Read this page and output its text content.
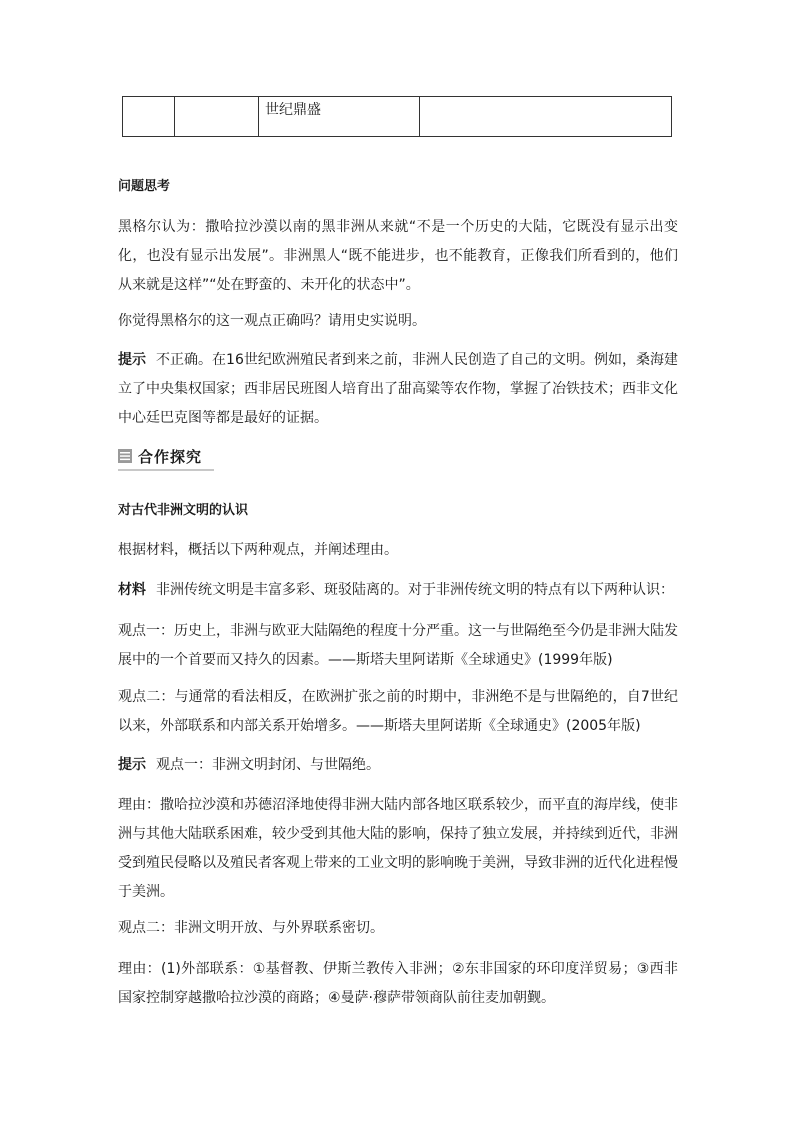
		世纪鼎盛	

问题思考

黑格尔认为：撒哈拉沙漠以南的黑非洲从来就“不是一个历史的大陆，它既没有显示出变化，也没有显示出发展”。非洲黑人“既不能进步，也不能教育，正像我们所看到的，他们从来就是这样”“处在野蛮的、未开化的状态中”。

你觉得黑格尔的这一观点正确吗？请用史实说明。

提示 不正确。在16世纪欧洲殖民者到来之前，非洲人民创造了自己的文明。例如，桑海建立了中央集权国家；西非居民班图人培育出了甜高粱等农作物，掌握了冶铁技术；西非文化中心廷巴克图等都是最好的证据。

合作探究

对古代非洲文明的认识

根据材料，概括以下两种观点，并阐述理由。

材料 非洲传统文明是丰富多彩、斑驳陆离的。对于非洲传统文明的特点有以下两种认识：

观点一：历史上，非洲与欧亚大陆隔绝的程度十分严重。这一与世隔绝至今仍是非洲大陆发展中的一个首要而又持久的因素。——斯塔夫里阿诺斯《全球通史》(1999年版)

观点二：与通常的看法相反，在欧洲扩张之前的时期中，非洲绝不是与世隔绝的，自7世纪以来，外部联系和内部关系开始增多。——斯塔夫里阿诺斯《全球通史》(2005年版)

提示 观点一：非洲文明封闭、与世隔绝。

理由：撒哈拉沙漠和苏德沼泽地使得非洲大陆内部各地区联系较少，而平直的海岸线，使非洲与其他大陆联系困难，较少受到其他大陆的影响，保持了独立发展，并持续到近代，非洲受到殖民侵略以及殖民者客观上带来的工业文明的影响晚于美洲，导致非洲的近代化进程慢于美洲。

观点二：非洲文明开放、与外界联系密切。

理由：(1)外部联系：①基督教、伊斯兰教传入非洲；②东非国家的环印度洋贸易；③西非国家控制穿越撒哈拉沙漠的商路；④曼萨·穆萨带领商队前往麦加朝觐。
